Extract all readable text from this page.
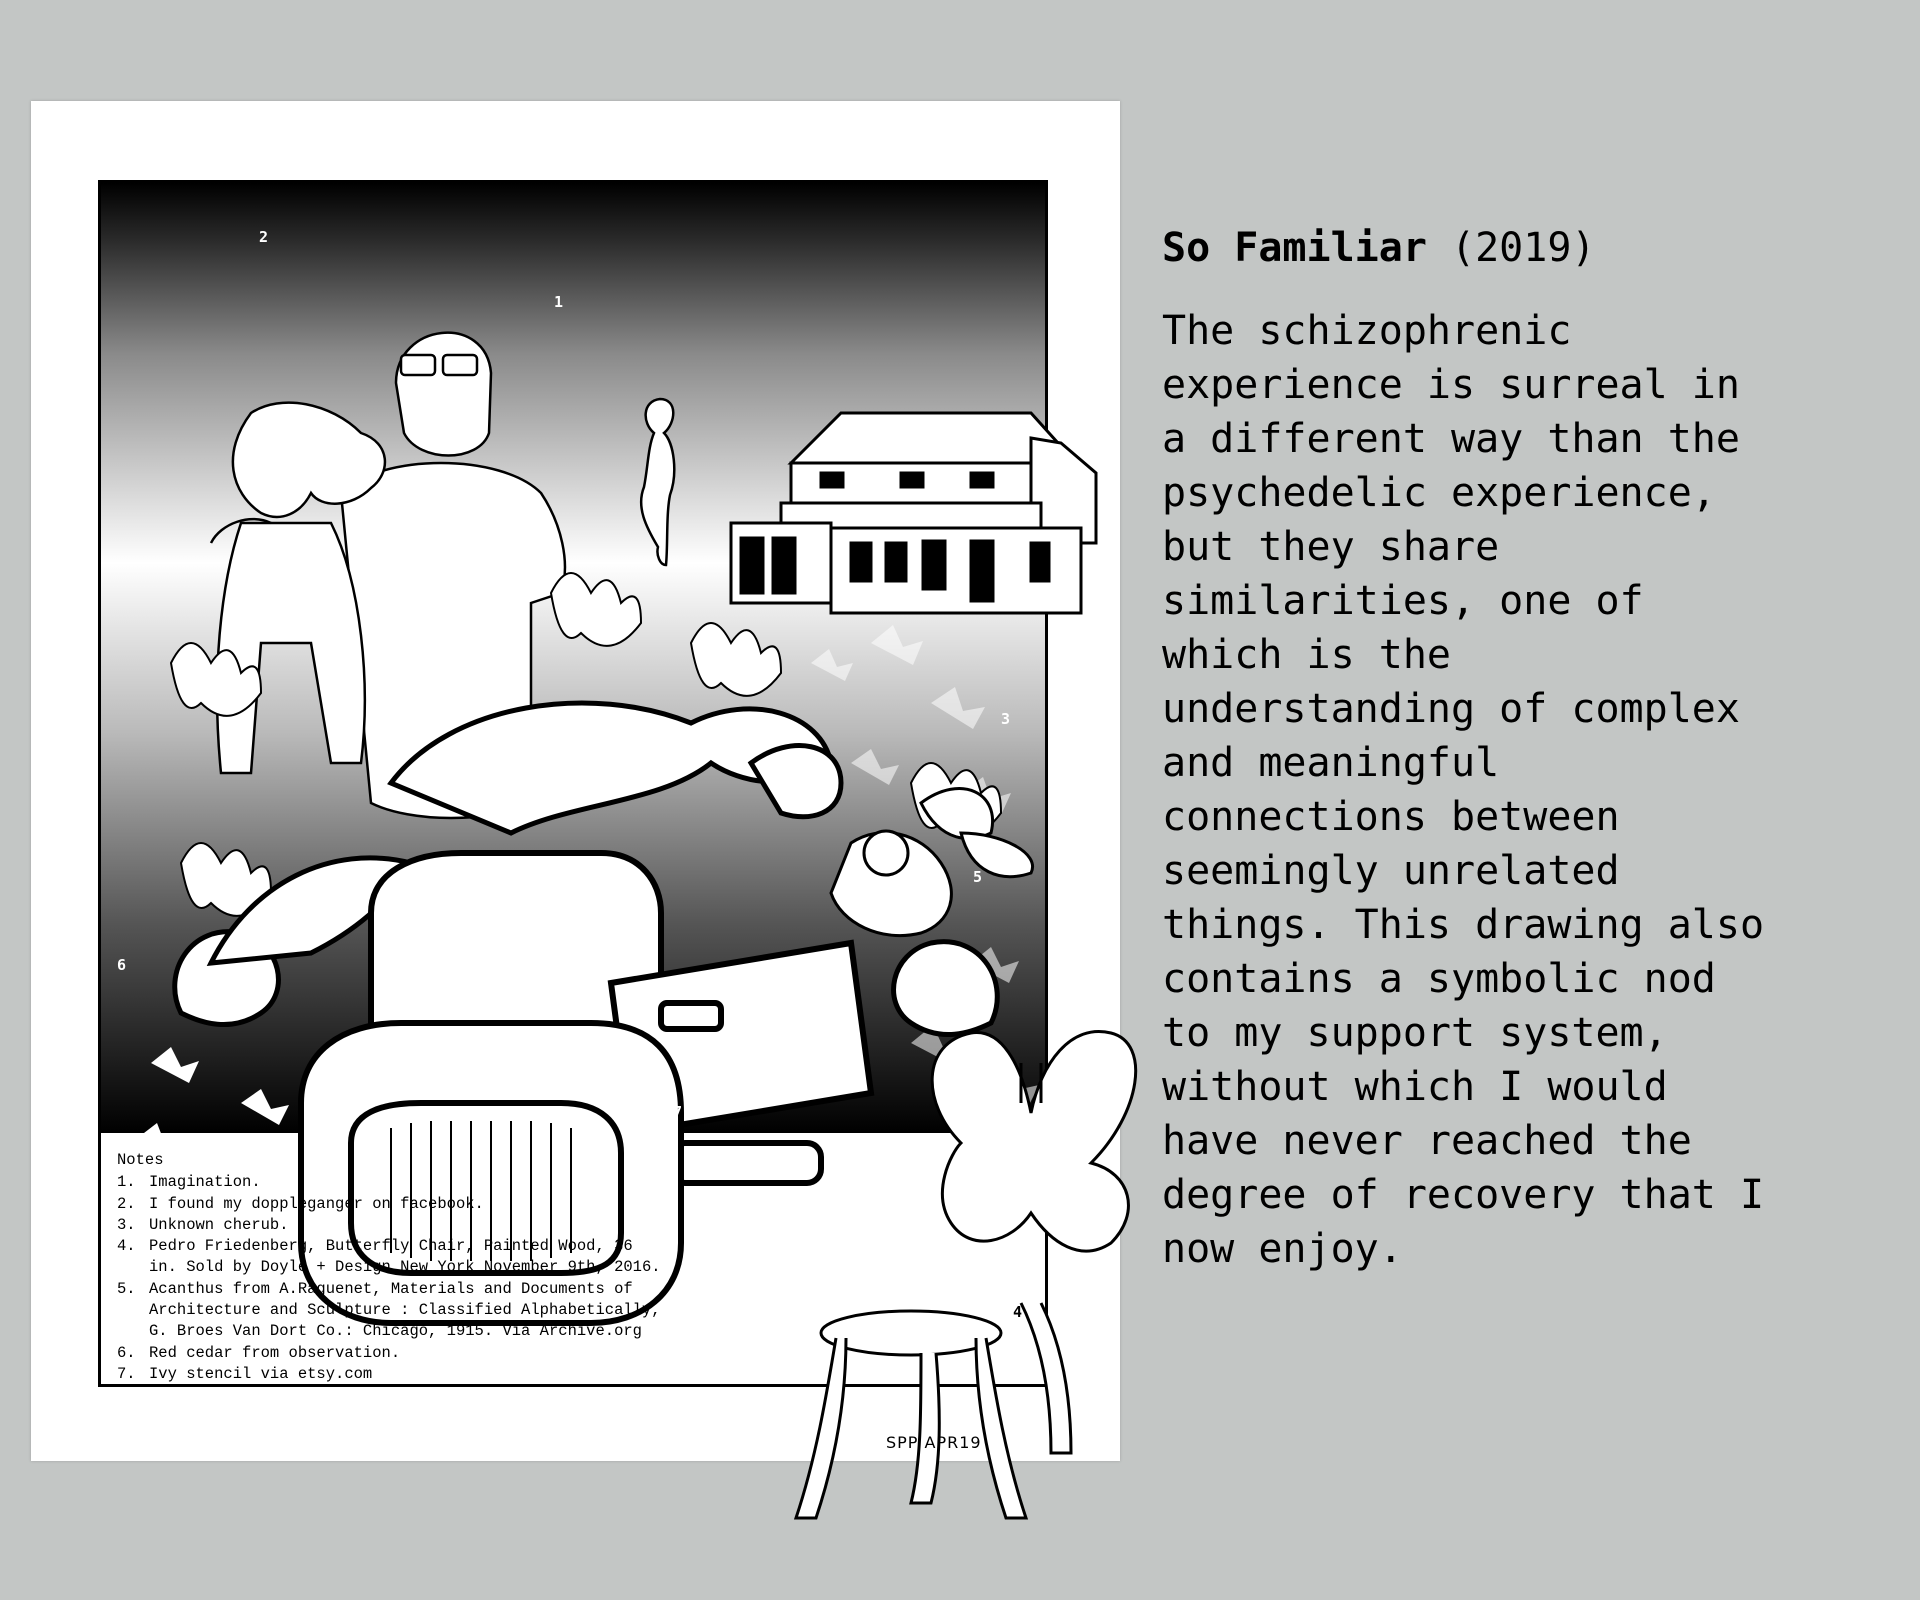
2
1
3
5
6
7
4
Notes
1. Imagination.
2. I found my doppleganger on facebook.
3. Unknown cherub.
4. Pedro Friedenberg, Butterfly Chair, Painted Wood, 36
in. Sold by Doyle + Design New York November 9th, 2016.
5. Acanthus from A.Raguenet, Materials and Documents of
Architecture and Sculpture : Classified Alphabetically,
G. Broes Van Dort Co.: Chicago, 1915. Via Archive.org
6. Red cedar from observation.
7. Ivy stencil via etsy.com
SPP APR19
So Familiar (2019)

The schizophrenic
experience is surreal in
a different way than the
psychedelic experience,
but they share
similarities, one of
which is the
understanding of complex
and meaningful
connections between
seemingly unrelated
things. This drawing also
contains a symbolic nod
to my support system,
without which I would
have never reached the
degree of recovery that I
now enjoy.
